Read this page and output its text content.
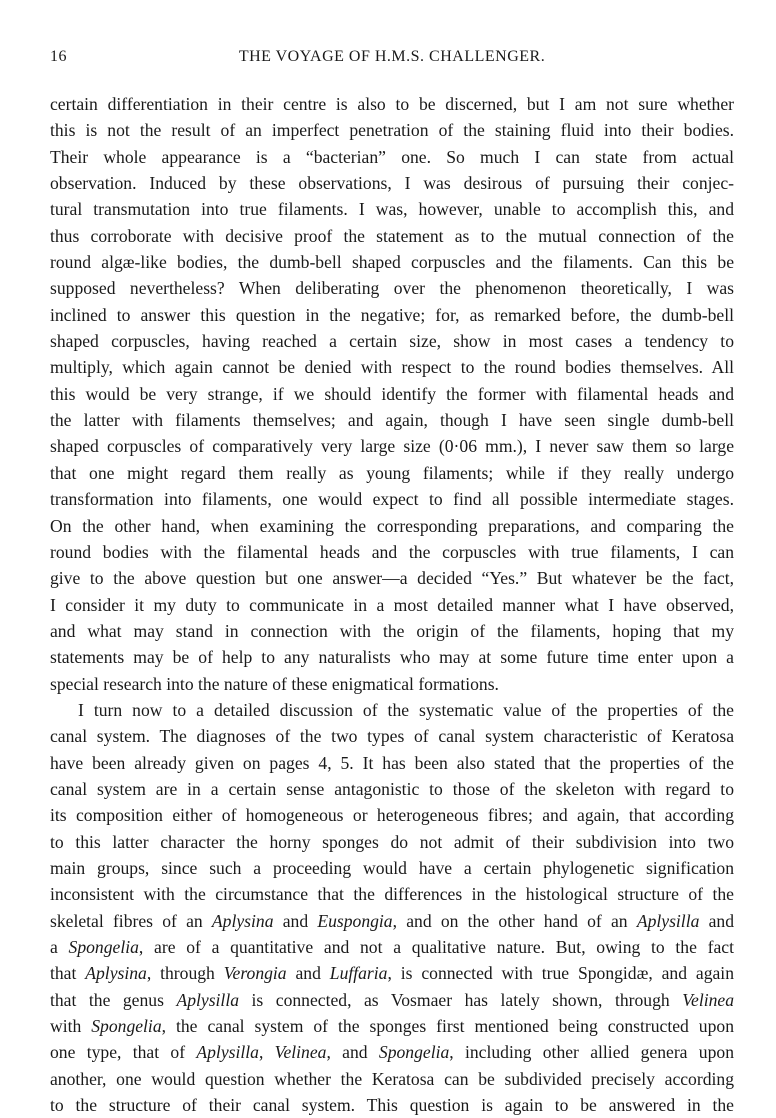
16	THE VOYAGE OF H.M.S. CHALLENGER.
certain differentiation in their centre is also to be discerned, but I am not sure whether
this is not the result of an imperfect penetration of the staining fluid into their bodies.
Their whole appearance is a “bacterian” one. So much I can state from actual
observation. Induced by these observations, I was desirous of pursuing their conjec-
tural transmutation into true filaments. I was, however, unable to accomplish this, and
thus corroborate with decisive proof the statement as to the mutual connection of the
round algæ-like bodies, the dumb-bell shaped corpuscles and the filaments. Can this be
supposed nevertheless? When deliberating over the phenomenon theoretically, I was
inclined to answer this question in the negative; for, as remarked before, the dumb-bell
shaped corpuscles, having reached a certain size, show in most cases a tendency to
multiply, which again cannot be denied with respect to the round bodies themselves. All
this would be very strange, if we should identify the former with filamental heads and
the latter with filaments themselves; and again, though I have seen single dumb-bell
shaped corpuscles of comparatively very large size (0·06 mm.), I never saw them so large
that one might regard them really as young filaments; while if they really undergo
transformation into filaments, one would expect to find all possible intermediate stages.
On the other hand, when examining the corresponding preparations, and comparing the
round bodies with the filamental heads and the corpuscles with true filaments, I can
give to the above question but one answer—a decided “Yes.” But whatever be the fact,
I consider it my duty to communicate in a most detailed manner what I have observed,
and what may stand in connection with the origin of the filaments, hoping that my
statements may be of help to any naturalists who may at some future time enter upon a
special research into the nature of these enigmatical formations.
I turn now to a detailed discussion of the systematic value of the properties of the
canal system. The diagnoses of the two types of canal system characteristic of Keratosa
have been already given on pages 4, 5. It has been also stated that the properties of the
canal system are in a certain sense antagonistic to those of the skeleton with regard to
its composition either of homogeneous or heterogeneous fibres; and again, that according
to this latter character the horny sponges do not admit of their subdivision into two
main groups, since such a proceeding would have a certain phylogenetic signification
inconsistent with the circumstance that the differences in the histological structure of the
skeletal fibres of an Aplysina and Euspongia, and on the other hand of an Aplysilla and
a Spongelia, are of a quantitative and not a qualitative nature. But, owing to the fact
that Aplysina, through Verongia and Luffaria, is connected with true Spongidæ, and again
that the genus Aplysilla is connected, as Vosmaer has lately shown, through Velinea
with Spongelia, the canal system of the sponges first mentioned being constructed upon
one type, that of Aplysilla, Velinea, and Spongelia, including other allied genera upon
another, one would question whether the Keratosa can be subdivided precisely according
to the structure of their canal system. This question is again to be answered in the
